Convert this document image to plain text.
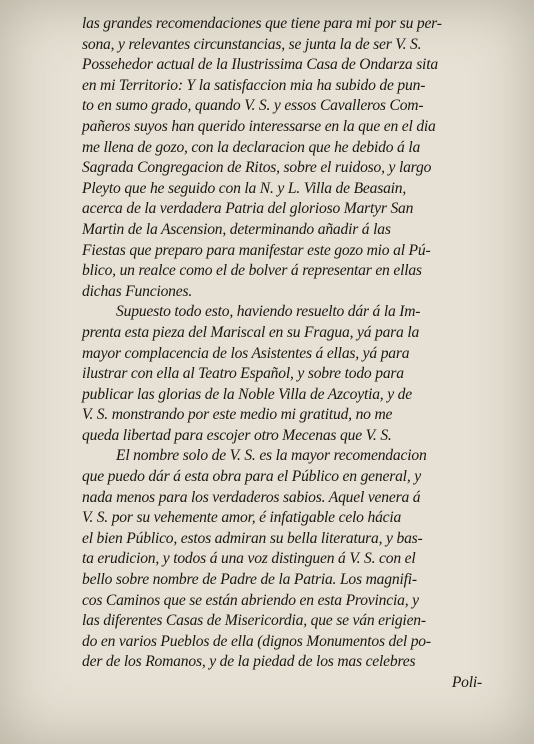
las grandes recomendaciones que tiene para mi por su per-
sona, y relevantes circunstancias, se junta la de ser V. S.
Possehedor actual de la Ilustrissima Casa de Ondarza sita
en mi Territorio: Y la satisfaccion mia ha subido de pun-
to en sumo grado, quando V. S. y essos Cavalleros Com-
pañeros suyos han querido interessarse en la que en el dia
me llena de gozo, con la declaracion que he debido á la
Sagrada Congregacion de Ritos, sobre el ruidoso, y largo
Pleyto que he seguido con la N. y L. Villa de Beasain,
acerca de la verdadera Patria del glorioso Martyr San
Martin de la Ascension, determinando añadir á las
Fiestas que preparo para manifestar este gozo mio al Pú-
blico, un realce como el de bolver á representar en ellas
dichas Funciones.
Supuesto todo esto, haviendo resuelto dár á la Im-
prenta esta pieza del Mariscal en su Fragua, yá para la
mayor complacencia de los Asistentes á ellas, yá para
ilustrar con ella al Teatro Español, y sobre todo para
publicar las glorias de la Noble Villa de Azcoytia, y de
V. S. monstrando por este medio mi gratitud, no me
queda libertad para escojer otro Mecenas que V. S.
El nombre solo de V. S. es la mayor recomendacion
que puedo dár á esta obra para el Público en general, y
nada menos para los verdaderos sabios. Aquel venera á
V. S. por su vehemente amor, é infatigable celo hácia
el bien Público, estos admiran su bella literatura, y bas-
ta erudicion, y todos á una voz distinguen á V. S. con el
bello sobre nombre de Padre de la Patria. Los magnifi-
cos Caminos que se están abriendo en esta Provincia, y
las diferentes Casas de Misericordia, que se ván erigien-
do en varios Pueblos de ella (dignos Monumentos del po-
der de los Romanos, y de la piedad de los mas celebres
Poli-
